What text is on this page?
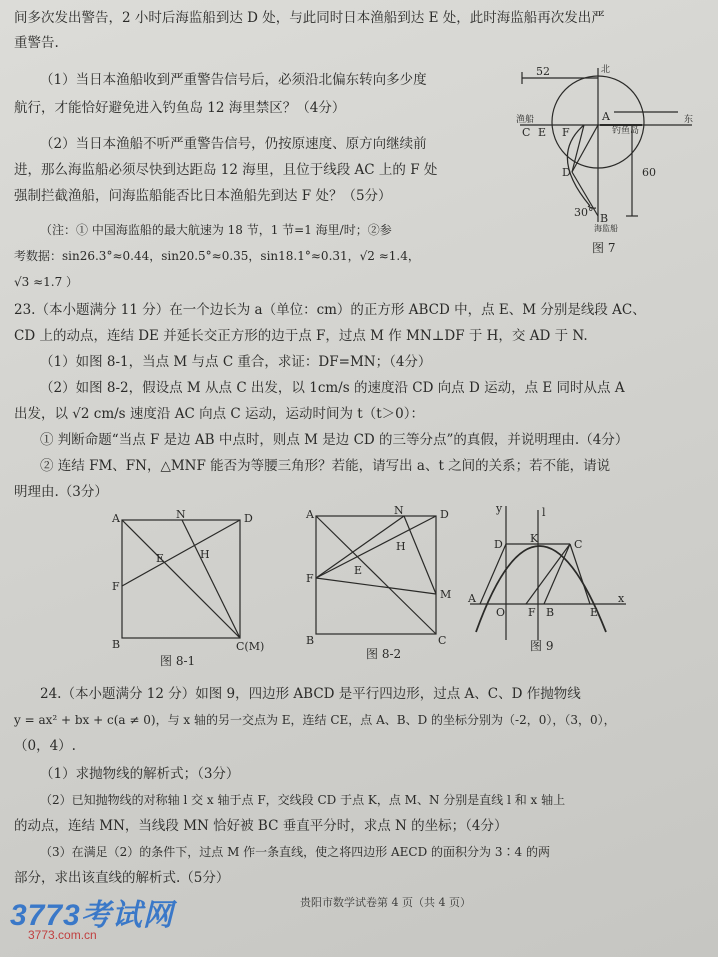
间多次发出警告，2 小时后海监船到达 D 处，与此同时日本渔船到达 E 处，此时海监船再次发出严
重警告.
（1）当日本渔船收到严重警告信号后，必须沿北偏东转向多少度
航行，才能恰好避免进入钓鱼岛 12 海里禁区？（4分）
（2）当日本渔船不听严重警告信号，仍按原速度、原方向继续前
进，那么海监船必须尽快到达距岛 12 海里，且位于线段 AC 上的 F 处
强制拦截渔船，问海监船能否比日本渔船先到达 F 处？（5分）
（注：① 中国海监船的最大航速为 18 节，1 节=1 海里/时；②参
考数据：sin26.3°≈0.44，sin20.5°≈0.35，sin18.1°≈0.31，√2 ≈1.4，
√3 ≈1.7 ）
52
60
30°
渔船
C E F
A
钓鱼岛
D
B
海监船
北
东
图 7
23.（本小题满分 11 分）在一个边长为 a（单位：cm）的正方形 ABCD 中，点 E、M 分别是线段 AC、
CD 上的动点，连结 DE 并延长交正方形的边于点 F，过点 M 作 MN⊥DF 于 H，交 AD 于 N.
（1）如图 8-1，当点 M 与点 C 重合，求证：DF=MN；（4分）
（2）如图 8-2，假设点 M 从点 C 出发，以 1cm/s 的速度沿 CD 向点 D 运动，点 E 同时从点 A
出发，以 √2 cm/s 速度沿 AC 向点 C 运动，运动时间为 t（t＞0）：
① 判断命题“当点 F 是边 AB 中点时，则点 M 是边 CD 的三等分点”的真假，并说明理由.（4分）
② 连结 FM、FN，△MNF 能否为等腰三角形？若能，请写出 a、t 之间的关系；若不能，请说
明理由.（3分）
A	N	D
H
E
F
B	C(M)
图 8-1
A	N	D
H
E
F
M
B	C
图 8-2
y	l
D K	C
A
O F B	E
x
图 9
24.（本小题满分 12 分）如图 9，四边形 ABCD 是平行四边形，过点 A、C、D 作抛物线
y = ax² + bx + c(a ≠ 0)，与 x 轴的另一交点为 E，连结 CE，点 A、B、D 的坐标分别为（-2，0），（3，0），
（0，4）.
（1）求抛物线的解析式；（3分）
（2）已知抛物线的对称轴 l 交 x 轴于点 F，交线段 CD 于点 K，点 M、N 分别是直线 l 和 x 轴上
的动点，连结 MN，当线段 MN 恰好被 BC 垂直平分时，求点 N 的坐标；（4分）
（3）在满足（2）的条件下，过点 M 作一条直线，使之将四边形 AECD 的面积分为 3∶4 的两
部分，求出该直线的解析式.（5分）
贵阳市数学试卷第 4 页（共 4 页）
3773考试网
3773.com.cn
